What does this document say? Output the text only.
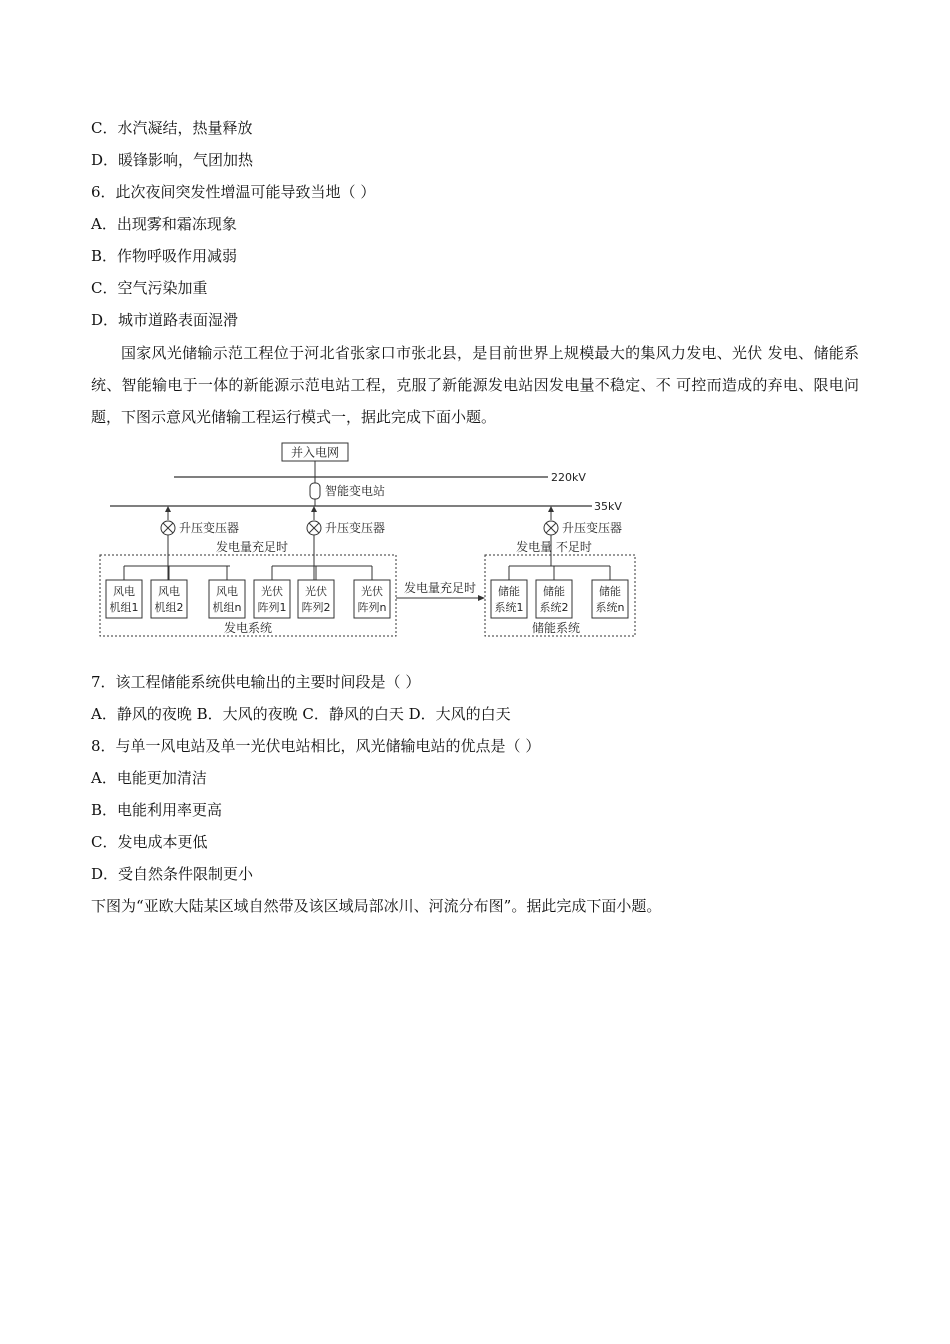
C．水汽凝结，热量释放
D．暖锋影响，气团加热
6．此次夜间突发性增温可能导致当地（ ）
A．出现雾和霜冻现象
B．作物呼吸作用减弱
C．空气污染加重
D．城市道路表面湿滑
国家风光储输示范工程位于河北省张家口市张北县，是目前世界上规模最大的集风力发电、光伏 发电、储能系统、智能输电于一体的新能源示范电站工程，克服了新能源发电站因发电量不稳定、不 可控而造成的弃电、限电问题，下图示意风光储输工程运行模式一，据此完成下面小题。
并入电网
220kV
智能变电站
35kV
升压变压器	升压变压器	升压变压器
发电量充足时
风电
机组1
风电
机组2
风电
机组n
光伏
阵列1
光伏
阵列2
光伏
阵列n
发电系统
发电量充足时
发电量 不足时
储能
系统1
储能
系统2
储能
系统n
储能系统
7．该工程储能系统供电输出的主要时间段是（ ）
A．静风的夜晚 B．大风的夜晚 C．静风的白天 D．大风的白天
8．与单一风电站及单一光伏电站相比，风光储输电站的优点是（ ）
A．电能更加清洁
B．电能利用率更高
C．发电成本更低
D．受自然条件限制更小
下图为“亚欧大陆某区域自然带及该区域局部冰川、河流分布图”。据此完成下面小题。
